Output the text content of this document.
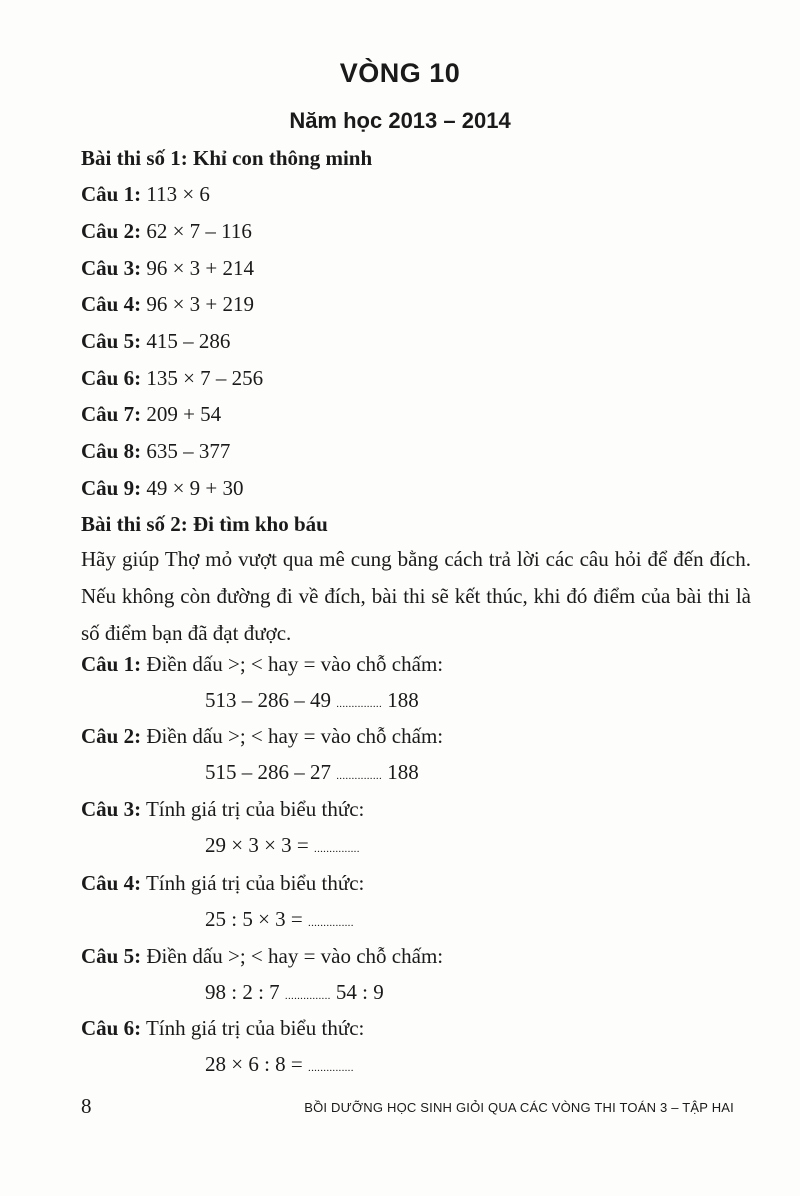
VÒNG 10
Năm học 2013 – 2014
Bài thi số 1: Khỉ con thông minh
Câu 1: 113 × 6
Câu 2: 62 × 7 – 116
Câu 3: 96 × 3 + 214
Câu 4: 96 × 3 + 219
Câu 5: 415 – 286
Câu 6: 135 × 7 – 256
Câu 7: 209 + 54
Câu 8: 635 – 377
Câu 9: 49 × 9 + 30
Bài thi số 2: Đi tìm kho báu
Hãy giúp Thợ mỏ vượt qua mê cung bằng cách trả lời các câu hỏi để đến đích. Nếu không còn đường đi về đích, bài thi sẽ kết thúc, khi đó điểm của bài thi là số điểm bạn đã đạt được.
Câu 1: Điền dấu >; < hay = vào chỗ chấm:
513 – 286 – 49 ............... 188
Câu 2: Điền dấu >; < hay = vào chỗ chấm:
515 – 286 – 27 ............... 188
Câu 3: Tính giá trị của biểu thức:
29 × 3 × 3 = ...............
Câu 4: Tính giá trị của biểu thức:
25 : 5 × 3 = ...............
Câu 5: Điền dấu >; < hay = vào chỗ chấm:
98 : 2 : 7 ............... 54 : 9
Câu 6: Tính giá trị của biểu thức:
28 × 6 : 8 = ...............
8	BỒI DƯỠNG HỌC SINH GIỎI QUA CÁC VÒNG THI TOÁN 3 – TẬP HAI
